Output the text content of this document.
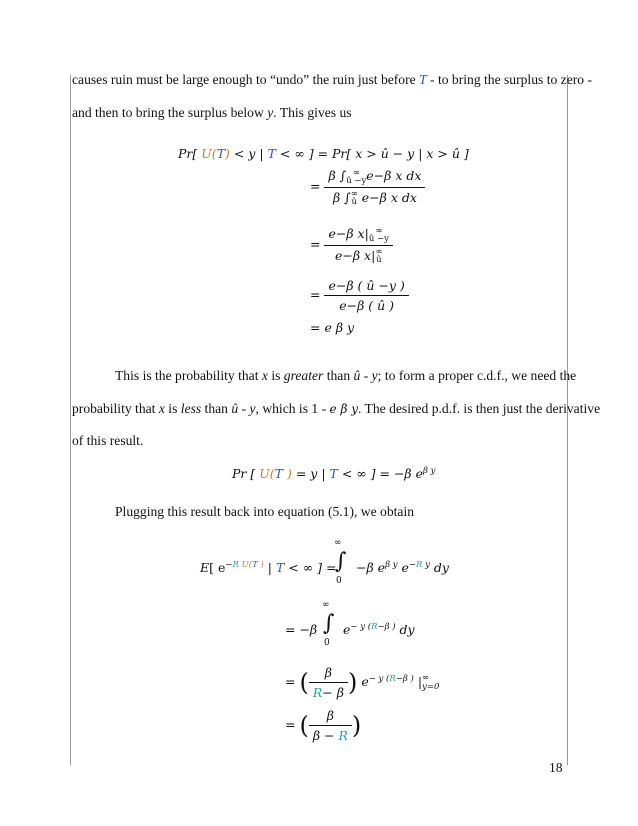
causes ruin must be large enough to “undo” the ruin just before T - to bring the surplus to zero -
and then to bring the surplus below y. This gives us
Pr[ U(T) < y | T < ∞ ] = Pr[ x > û − y | x > û ]
= β ∫ ∞
û −y e−β x dx
β ∫ ∞
û e−β x dx
= e−β x| ∞
û −y
e−β x| ∞
û
= $\frac{e-\beta ( û -y )}{e-\beta ( û )}$
= e β y
This is the probability that x is greater than û - y; to form a proper c.d.f., we need the
probability that x is less than û - y, which is 1 - e β y. The desired p.d.f. is then just the derivative
of this result.
Pr [ U(T ) = y | T < ∞ ] = −β $e^{\beta y}$
Plugging this result back into equation (5.1), we obtain
E[ $e^{-R U(T )}$ | T < ∞ ] =
∞
∫
0
−β $e^{\beta y}$ $e^{-R y}$ dy
= −β
∞
∫
0
$e^{- y (R-\beta )}$ dy
= ( $\frac{\beta}{R- \beta}$ ) $e^{- y (R-\beta )}$ | ∞
y=0
= ( $\frac{\beta}{\beta - R}$ )
18
